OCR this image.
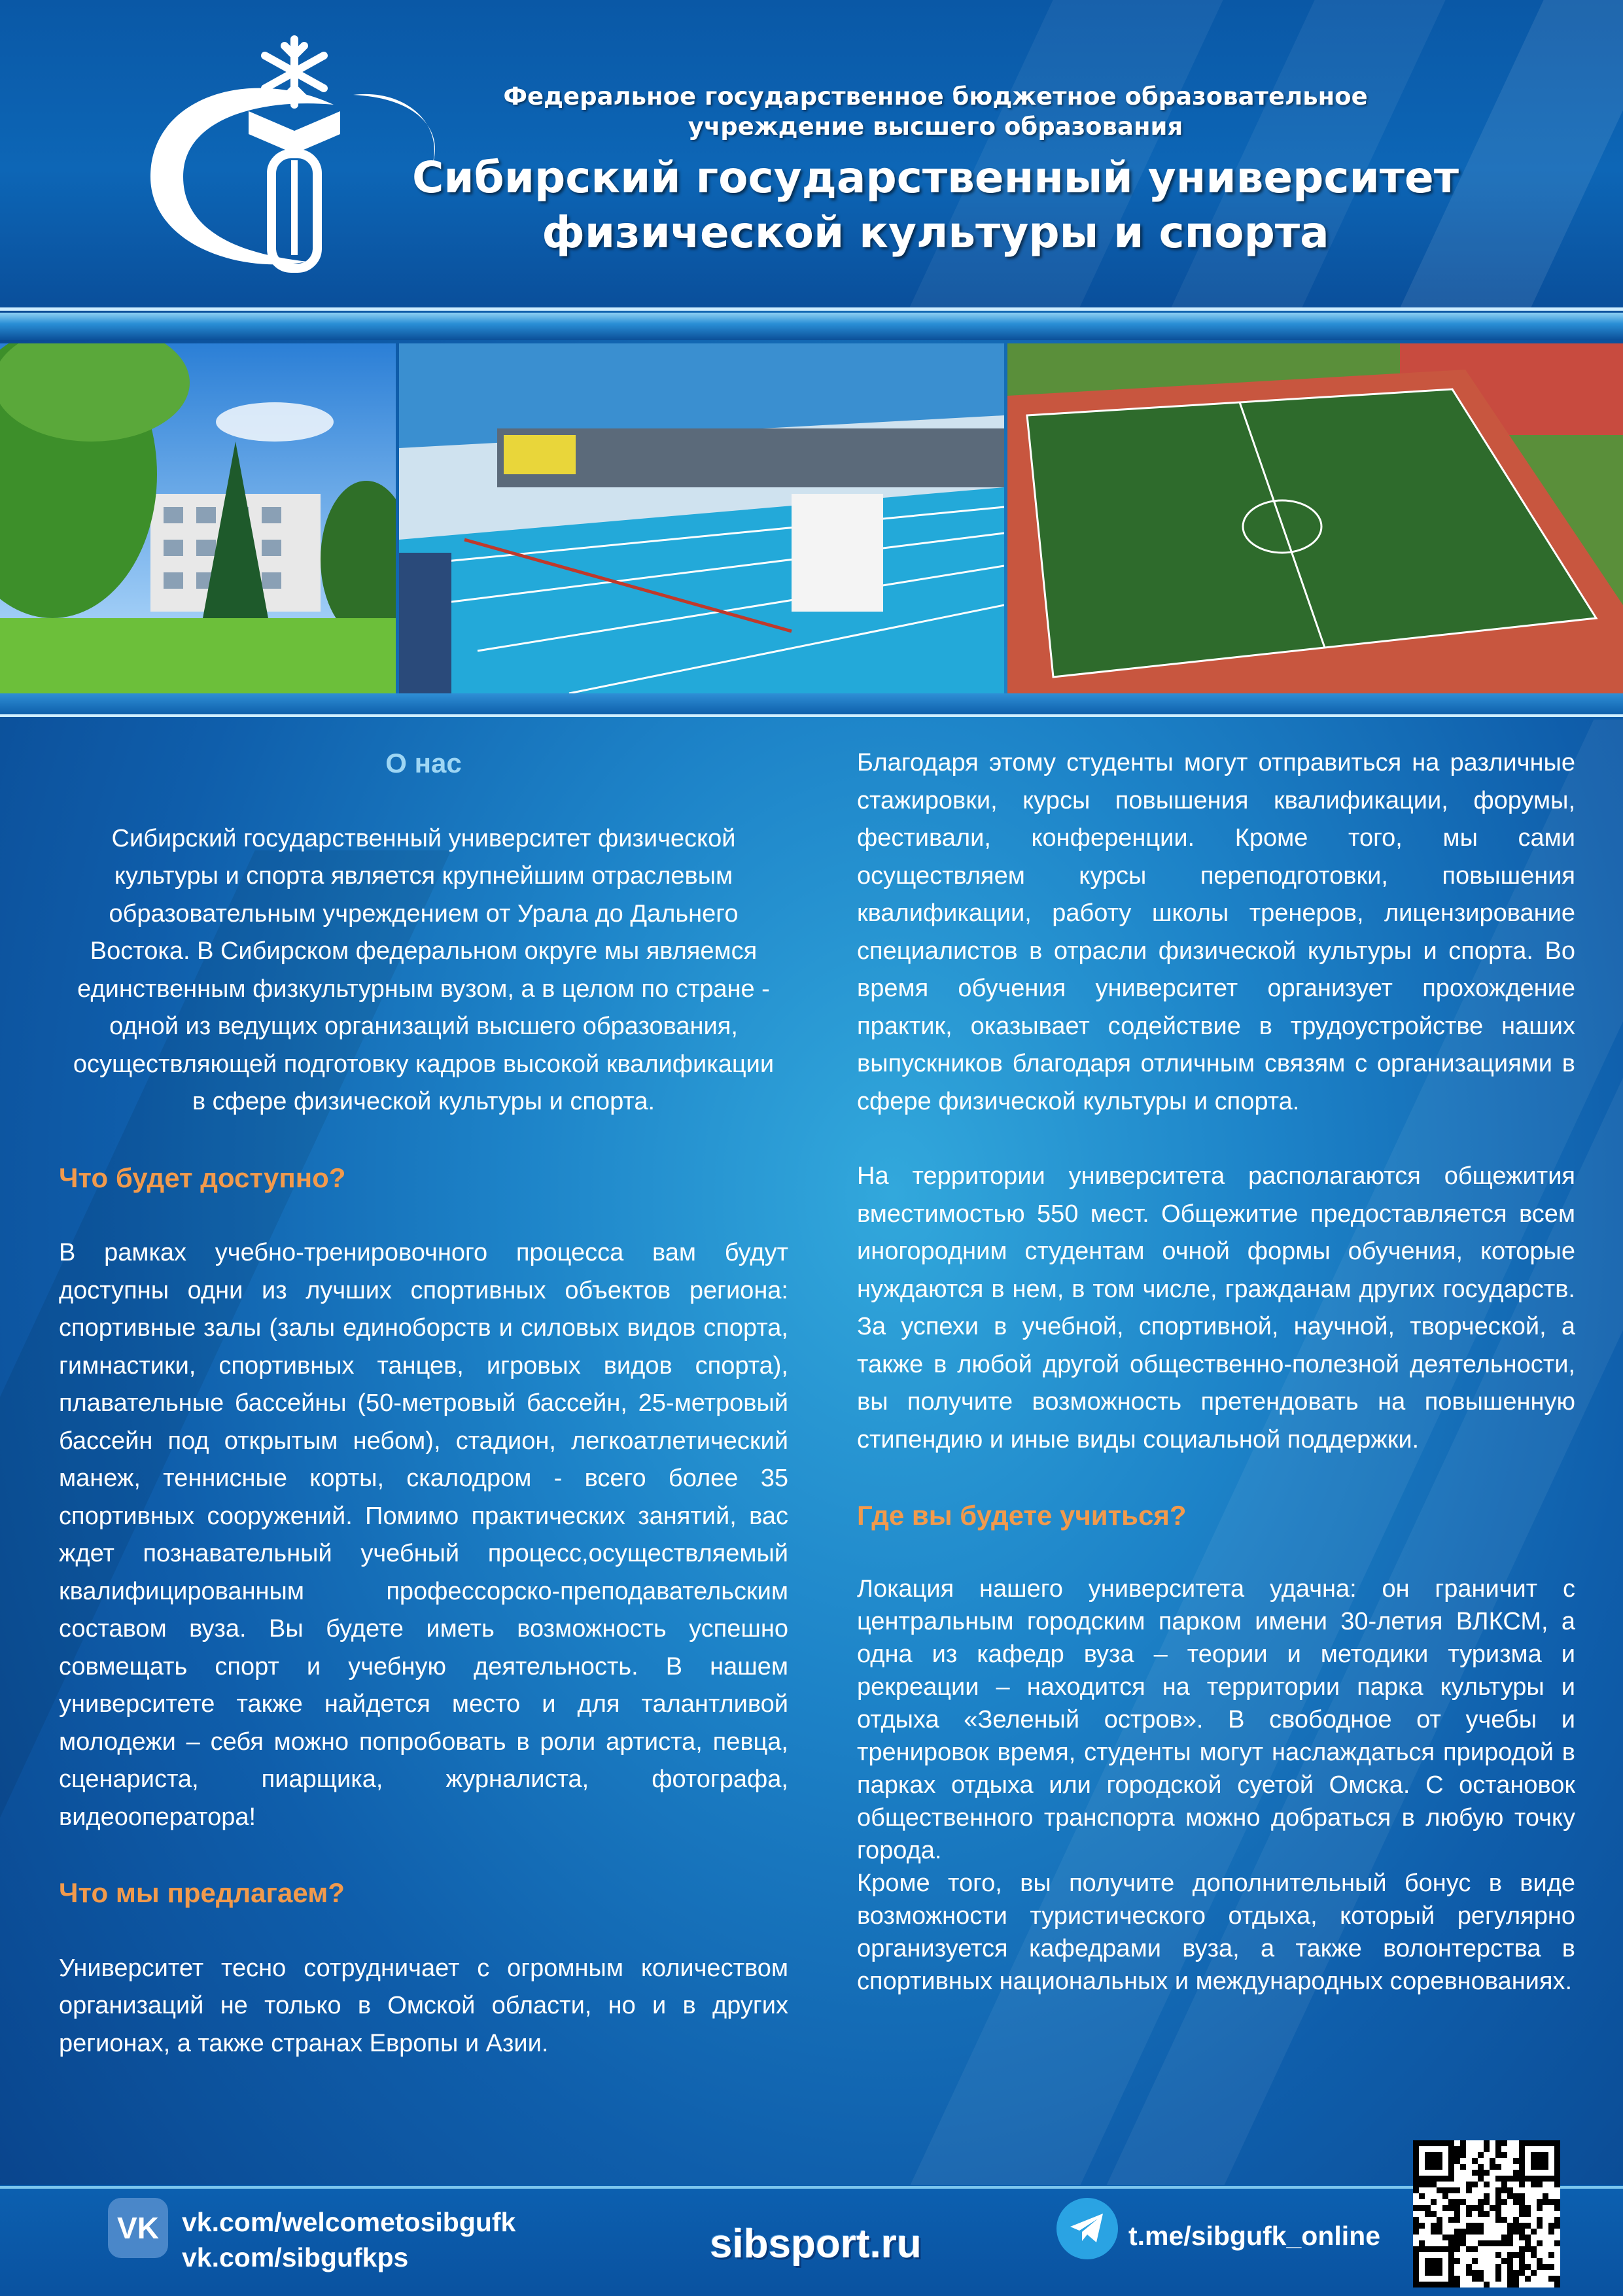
Федеральное государственное бюджетное образовательное учреждение высшего образования
Сибирский государственный университет
физической культуры и спорта
О нас

Сибирский государственный университет физической культуры и спорта является крупнейшим отраслевым образовательным учреждением от Урала до Дальнего Востока. В Сибирском федеральном округе мы являемся единственным физкультурным вузом, а в целом по стране - одной из ведущих организаций высшего образования, осуществляющей подготовку кадров высокой квалификации в сфере физической культуры и спорта.

Что будет доступно?

В рамках учебно-тренировочного процесса вам будут доступны одни из лучших спортивных объектов региона: спортивные залы (залы единоборств и силовых видов спорта, гимнастики, спортивных танцев, игровых видов спорта), плавательные бассейны (50-метровый бассейн, 25-метровый бассейн под открытым небом), стадион, легкоатлетический манеж, теннисные корты, скалодром - всего более 35 спортивных сооружений. Помимо практических занятий, вас ждет познавательный учебный процесс,осуществляемый квалифицированным профессорско-преподавательским составом вуза. Вы будете иметь возможность успешно совмещать спорт и учебную деятельность. В нашем университете также найдется место и для талантливой молодежи – себя можно попробовать в роли артиста, певца, сценариста, пиарщика, журналиста, фотографа, видеооператора!

Что мы предлагаем?

Университет тесно сотрудничает с огромным количеством организаций не только в Омской области, но и в других регионах, а также странах Европы и Азии.

Благодаря этому студенты могут отправиться на различные стажировки, курсы повышения квалификации, форумы, фестивали, конференции. Кроме того, мы сами осуществляем курсы переподготовки, повышения квалификации, работу школы тренеров, лицензирование специалистов в отрасли физической культуры и спорта. Во время обучения университет организует прохождение практик, оказывает содействие в трудоустройстве наших выпускников благодаря отличным связям с организациями в сфере физической культуры и спорта.

На территории университета располагаются общежития вместимостью 550 мест. Общежитие предоставляется всем иногородним студентам очной формы обучения, которые нуждаются в нем, в том числе, гражданам других государств. За успехи в учебной, спортивной, научной, творческой, а также в любой другой общественно-полезной деятельности, вы получите возможность претендовать на повышенную стипендию и иные виды социальной поддержки.

Где вы будете учиться?

Локация нашего университета удачна: он граничит с центральным городским парком имени 30-летия ВЛКСМ, а одна из кафедр вуза – теории и методики туризма и рекреации – находится на территории парка культуры и отдыха «Зеленый остров». В свободное от учебы и тренировок время, студенты могут наслаждаться природой в парках отдыха или городской суетой Омска. С остановок общественного транспорта можно добраться в любую точку города.

Кроме того, вы получите дополнительный бонус в виде возможности туристического отдыха, который регулярно организуется кафедрами вуза, а также волонтерства в спортивных национальных и международных соревнованиях.

VK vk.com/welcometosibgufk
vk.com/sibgufkps	sibsport.ru	t.me/sibgufk_online
